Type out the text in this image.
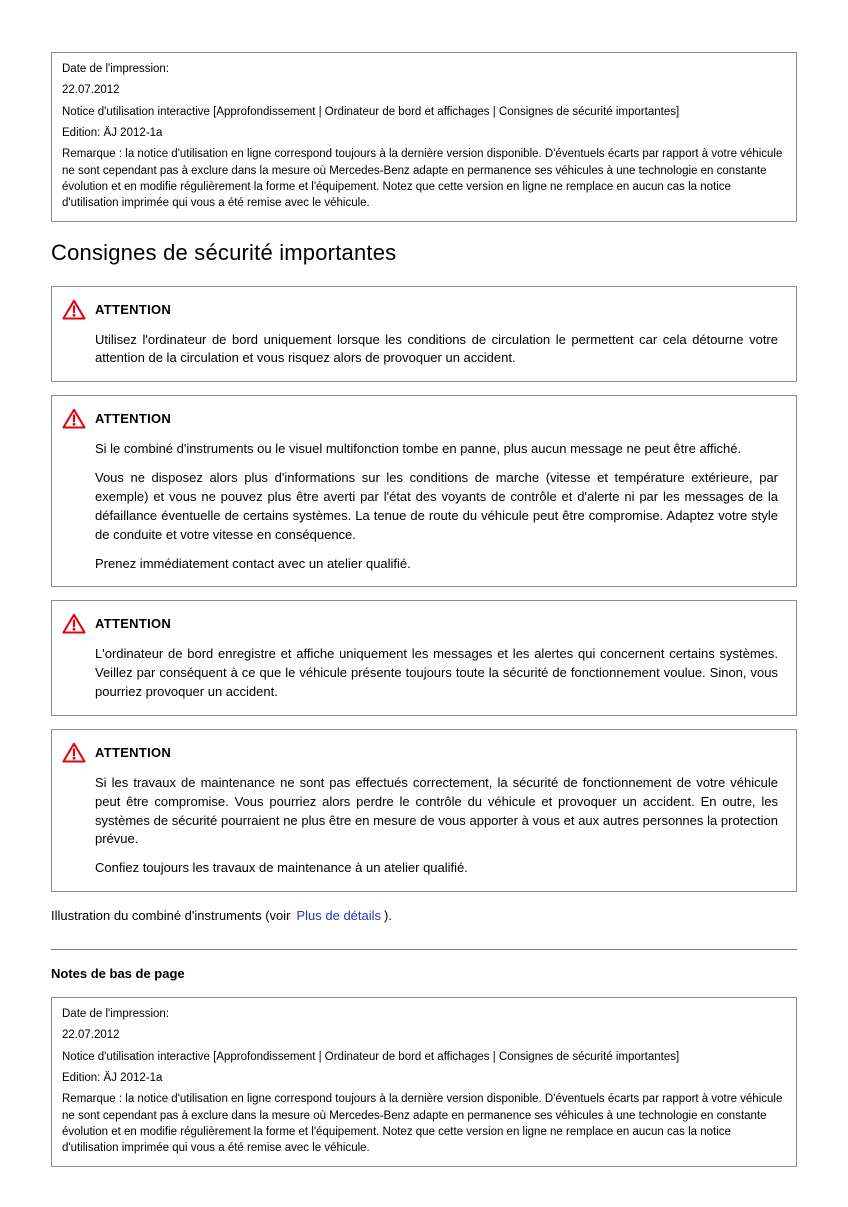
Date de l'impression:

22.07.2012

Notice d'utilisation interactive [Approfondissement | Ordinateur de bord et affichages | Consignes de sécurité importantes]

Edition: ÄJ 2012-1a

Remarque : la notice d'utilisation en ligne correspond toujours à la dernière version disponible. D'éventuels écarts par rapport à votre véhicule ne sont cependant pas à exclure dans la mesure où Mercedes-Benz adapte en permanence ses véhicules à une technologie en constante évolution et en modifie régulièrement la forme et l'équipement. Notez que cette version en ligne ne remplace en aucun cas la notice d'utilisation imprimée qui vous a été remise avec le véhicule.

Consignes de sécurité importantes
ATTENTION

Utilisez l'ordinateur de bord uniquement lorsque les conditions de circulation le permettent car cela détourne votre attention de la circulation et vous risquez alors de provoquer un accident.

ATTENTION

Si le combiné d'instruments ou le visuel multifonction tombe en panne, plus aucun message ne peut être affiché.

Vous ne disposez alors plus d'informations sur les conditions de marche (vitesse et température extérieure, par exemple) et vous ne pouvez plus être averti par l'état des voyants de contrôle et d'alerte ni par les messages de la défaillance éventuelle de certains systèmes. La tenue de route du véhicule peut être compromise. Adaptez votre style de conduite et votre vitesse en conséquence.

Prenez immédiatement contact avec un atelier qualifié.

ATTENTION

L'ordinateur de bord enregistre et affiche uniquement les messages et les alertes qui concernent certains systèmes. Veillez par conséquent à ce que le véhicule présente toujours toute la sécurité de fonctionnement voulue. Sinon, vous pourriez provoquer un accident.

ATTENTION

Si les travaux de maintenance ne sont pas effectués correctement, la sécurité de fonctionnement de votre véhicule peut être compromise. Vous pourriez alors perdre le contrôle du véhicule et provoquer un accident. En outre, les systèmes de sécurité pourraient ne plus être en mesure de vous apporter à vous et aux autres personnes la protection prévue.

Confiez toujours les travaux de maintenance à un atelier qualifié.

Illustration du combiné d'instruments (voir Plus de détails ).

Notes de bas de page

Date de l'impression:

22.07.2012

Notice d'utilisation interactive [Approfondissement | Ordinateur de bord et affichages | Consignes de sécurité importantes]

Edition: ÄJ 2012-1a

Remarque : la notice d'utilisation en ligne correspond toujours à la dernière version disponible. D'éventuels écarts par rapport à votre véhicule ne sont cependant pas à exclure dans la mesure où Mercedes-Benz adapte en permanence ses véhicules à une technologie en constante évolution et en modifie régulièrement la forme et l'équipement. Notez que cette version en ligne ne remplace en aucun cas la notice d'utilisation imprimée qui vous a été remise avec le véhicule.
